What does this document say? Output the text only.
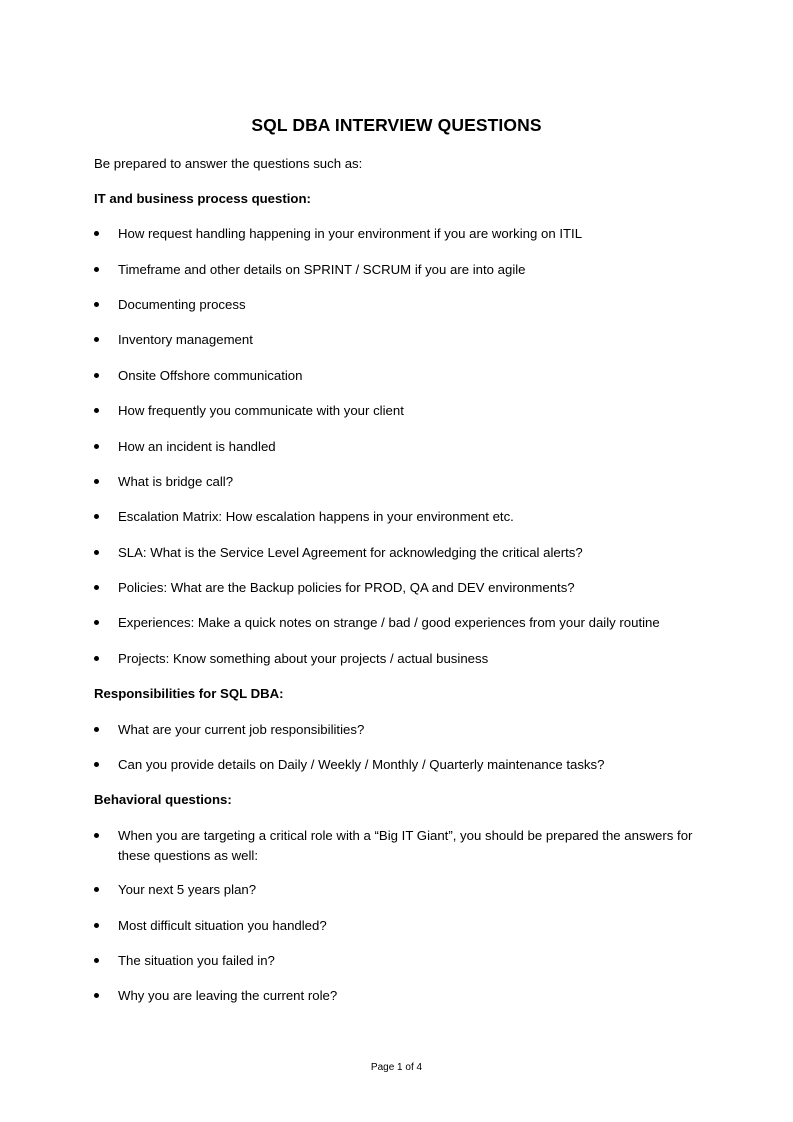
SQL DBA INTERVIEW QUESTIONS
Be prepared to answer the questions such as:
IT and business process question:
How request handling happening in your environment if you are working on ITIL
Timeframe and other details on SPRINT / SCRUM if you are into agile
Documenting process
Inventory management
Onsite Offshore communication
How frequently you communicate with your client
How an incident is handled
What is bridge call?
Escalation Matrix: How escalation happens in your environment etc.
SLA: What is the Service Level Agreement for acknowledging the critical alerts?
Policies: What are the Backup policies for PROD, QA and DEV environments?
Experiences: Make a quick notes on strange / bad / good experiences from your daily routine
Projects: Know something about your projects / actual business
Responsibilities for SQL DBA:
What are your current job responsibilities?
Can you provide details on Daily / Weekly / Monthly / Quarterly maintenance tasks?
Behavioral questions:
When you are targeting a critical role with a “Big IT Giant”, you should be prepared the answers for these questions as well:
Your next 5 years plan?
Most difficult situation you handled?
The situation you failed in?
Why you are leaving the current role?
Page 1 of 4
